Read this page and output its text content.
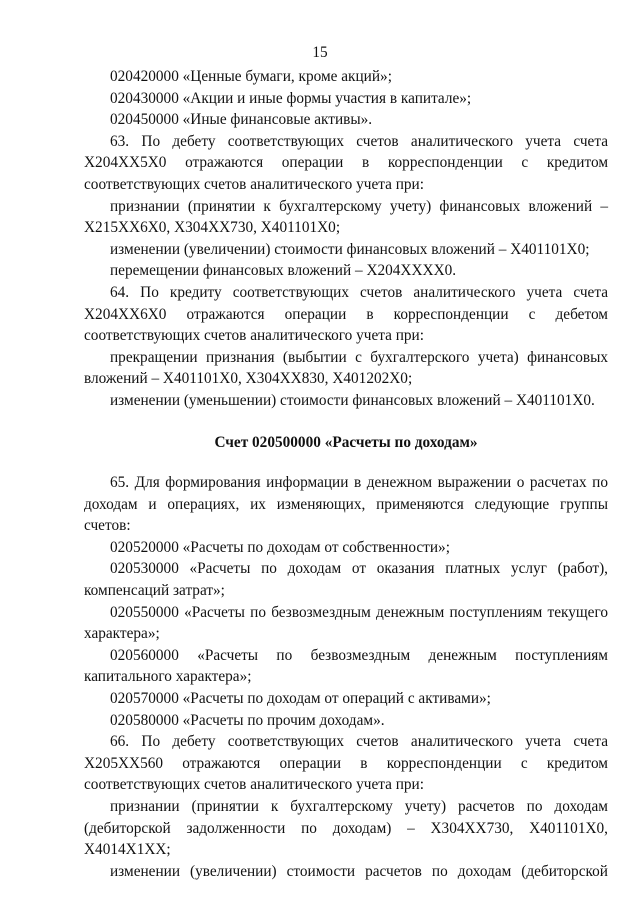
15

020420000 «Ценные бумаги, кроме акций»;

020430000 «Акции и иные формы участия в капитале»;

020450000 «Иные финансовые активы».

63. По дебету соответствующих счетов аналитического учета счета Х204ХХ5Х0 отражаются операции в корреспонденции с кредитом соответствующих счетов аналитического учета при:

признании (принятии к бухгалтерскому учету) финансовых вложений – Х215ХХ6Х0, Х304ХХ730, Х401101Х0;

изменении (увеличении) стоимости финансовых вложений – Х401101Х0;

перемещении финансовых вложений – Х204ХХХХ0.

64. По кредиту соответствующих счетов аналитического учета счета Х204ХХ6Х0 отражаются операции в корреспонденции с дебетом соответствующих счетов аналитического учета при:

прекращении признания (выбытии с бухгалтерского учета) финансовых вложений – Х401101Х0, Х304ХХ830, Х401202Х0;

изменении (уменьшении) стоимости финансовых вложений – Х401101Х0.

Счет 020500000 «Расчеты по доходам»

65. Для формирования информации в денежном выражении о расчетах по доходам и операциях, их изменяющих, применяются следующие группы счетов:

020520000 «Расчеты по доходам от собственности»;

020530000 «Расчеты по доходам от оказания платных услуг (работ), компенсаций затрат»;

020550000 «Расчеты по безвозмездным денежным поступлениям текущего характера»;

020560000 «Расчеты по безвозмездным денежным поступлениям капитального характера»;

020570000 «Расчеты по доходам от операций с активами»;

020580000 «Расчеты по прочим доходам».

66. По дебету соответствующих счетов аналитического учета счета Х205ХХ560 отражаются операции в корреспонденции с кредитом соответствующих счетов аналитического учета при:

признании (принятии к бухгалтерскому учету) расчетов по доходам (дебиторской задолженности по доходам) – Х304ХХ730, Х401101Х0, Х4014Х1ХХ;

изменении (увеличении) стоимости расчетов по доходам (дебиторской
